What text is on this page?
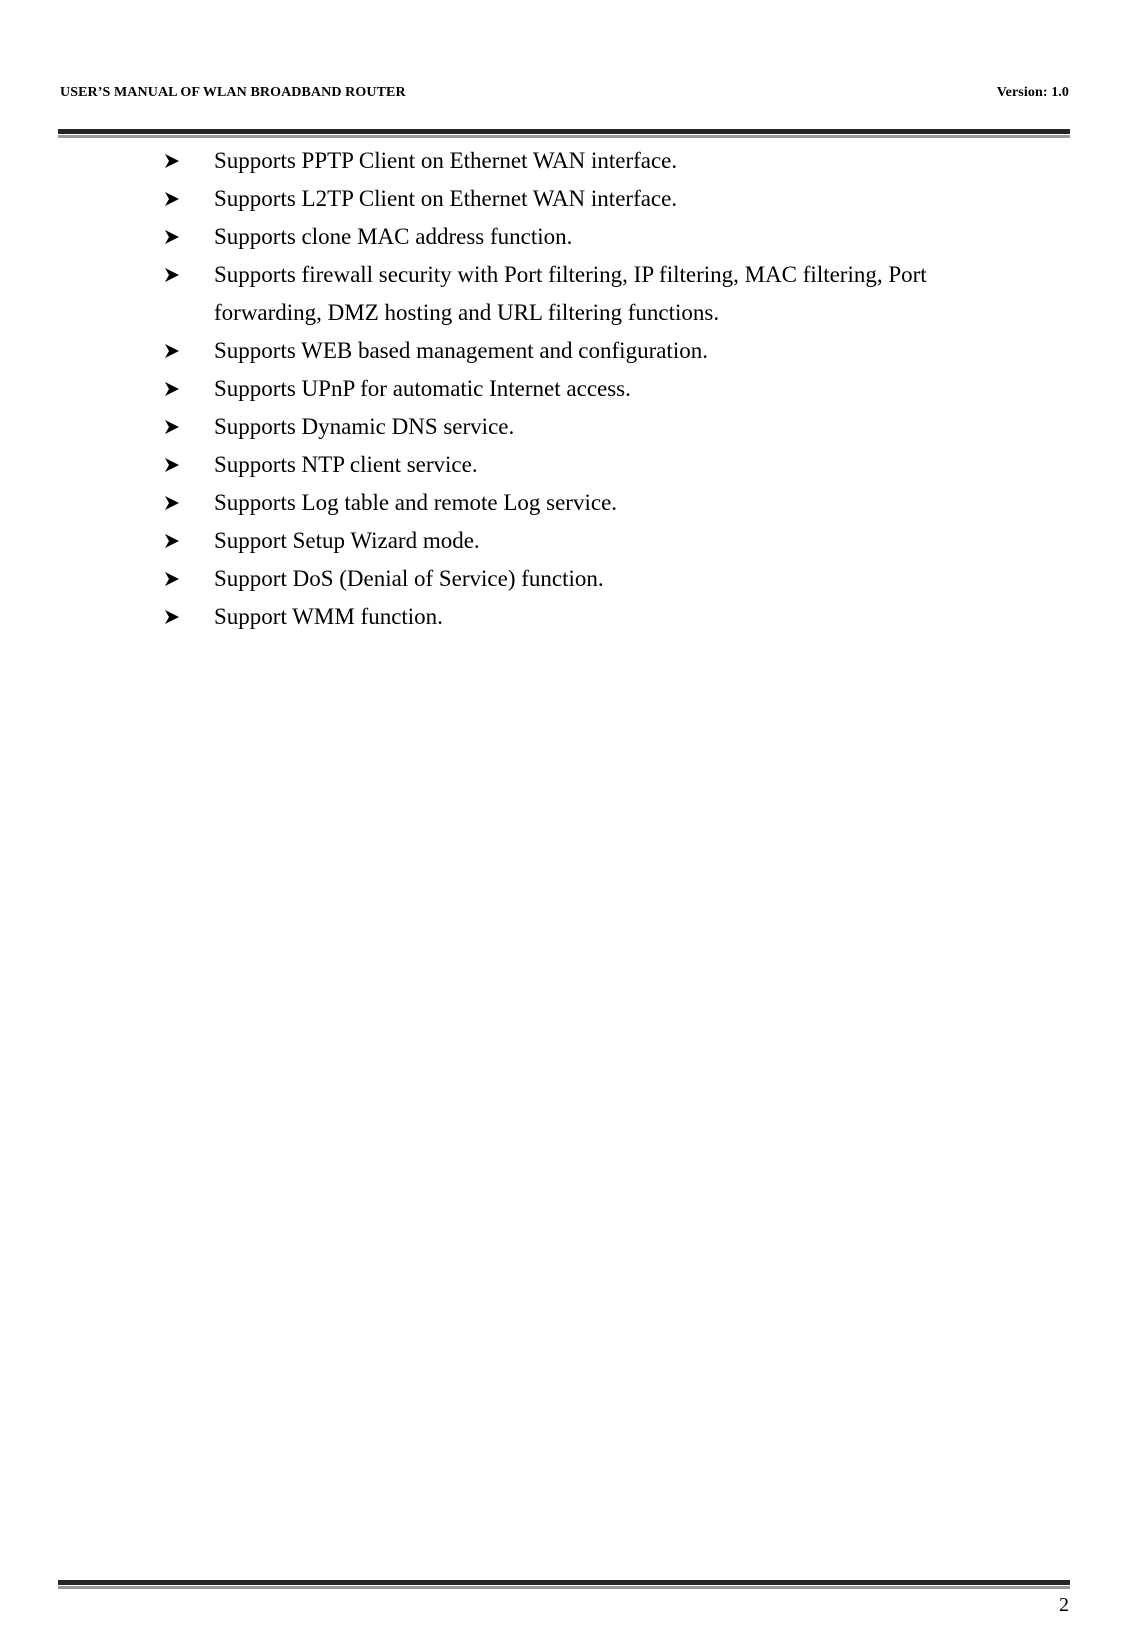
USER’S MANUAL OF WLAN BROADBAND ROUTER	Version: 1.0
Supports PPTP Client on Ethernet WAN interface.
Supports L2TP Client on Ethernet WAN interface.
Supports clone MAC address function.
Supports firewall security with Port filtering, IP filtering, MAC filtering, Port forwarding, DMZ hosting and URL filtering functions.
Supports WEB based management and configuration.
Supports UPnP for automatic Internet access.
Supports Dynamic DNS service.
Supports NTP client service.
Supports Log table and remote Log service.
Support Setup Wizard mode.
Support DoS (Denial of Service) function.
Support WMM function.
2
